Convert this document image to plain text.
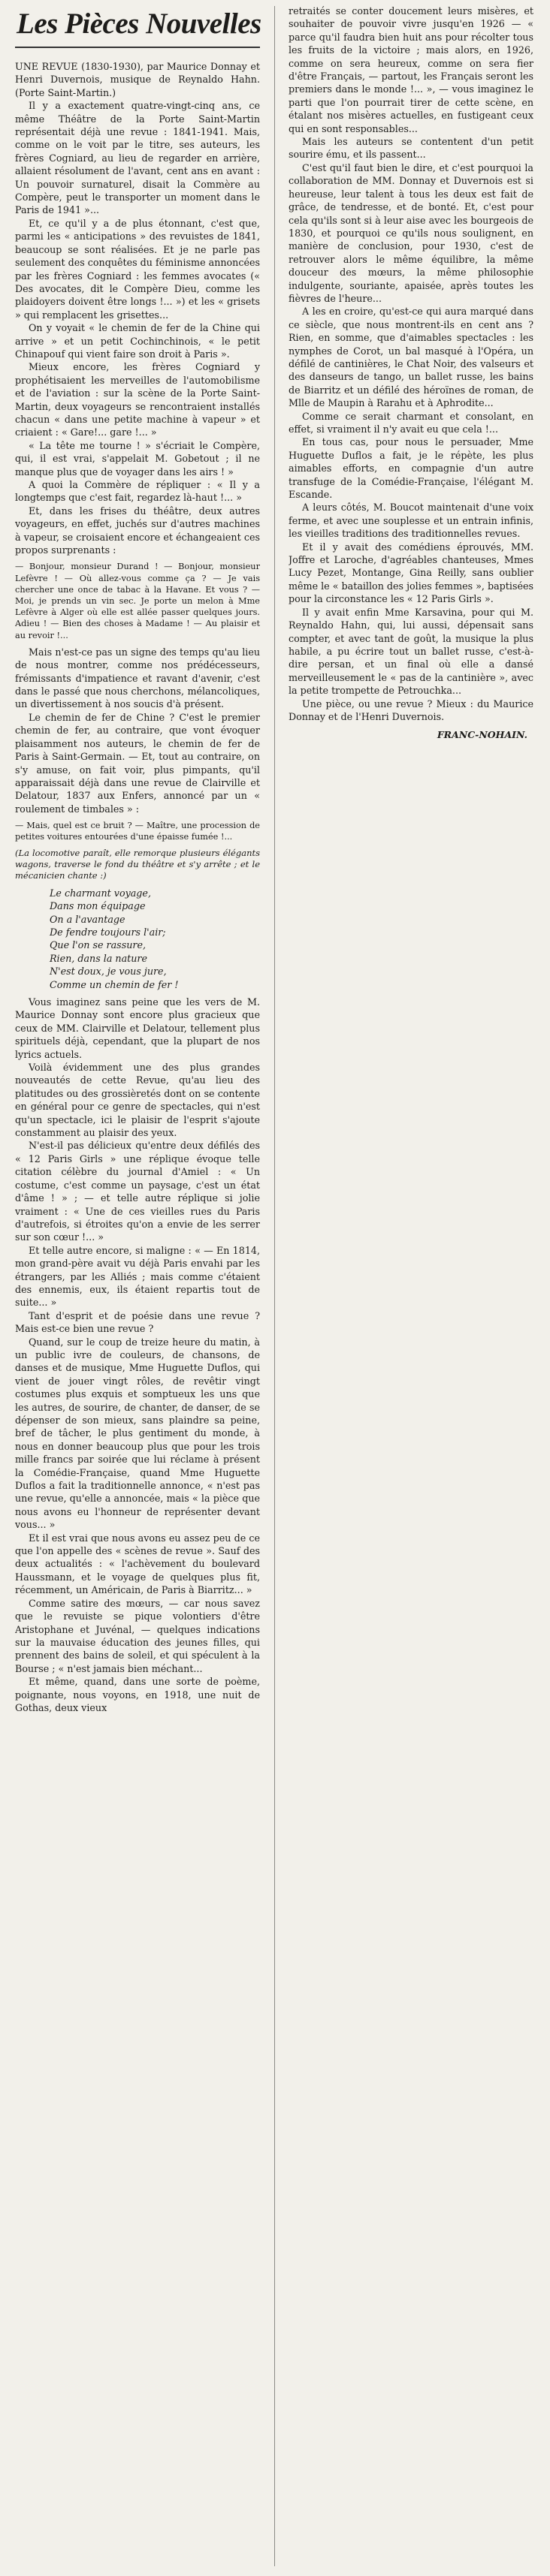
Les Pièces Nouvelles

UNE REVUE (1830-1930), par Maurice Donnay et Henri Duvernois, musique de Reynaldo Hahn. (Porte Saint-Martin.)

Il y a exactement quatre-vingt-cinq ans, ce même Théâtre de la Porte Saint-Martin représentait déjà une revue : 1841-1941. Mais, comme on le voit par le titre, ses auteurs, les frères Cogniard, au lieu de regarder en arrière, allaient résolument de l'avant, cent ans en avant : Un pouvoir surnaturel, disait la Commère au Compère, peut le transporter un moment dans le Paris de 1941 »...

Et, ce qu'il y a de plus étonnant, c'est que, parmi les « anticipations » des revuistes de 1841, beaucoup se sont réalisées. Et je ne parle pas seulement des conquêtes du féminisme annoncées par les frères Cogniard : les femmes avocates (« Des avocates, dit le Compère Dieu, comme les plaidoyers doivent être longs !... ») et les « grisets » qui remplacent les grisettes...

On y voyait « le chemin de fer de la Chine qui arrive » et un petit Cochinchinois, « le petit Chinapouf qui vient faire son droit à Paris ».

Mieux encore, les frères Cogniard y prophétisaient les merveilles de l'automobilisme et de l'aviation : sur la scène de la Porte Saint-Martin, deux voyageurs se rencontraient installés chacun « dans une petite machine à vapeur » et criaient : « Gare!... gare !... »

« La tête me tourne ! » s'écriait le Compère, qui, il est vrai, s'appelait M. Gobetout ; il ne manque plus que de voyager dans les airs ! »

A quoi la Commère de répliquer : « Il y a longtemps que c'est fait, regardez là-haut !... »

Et, dans les frises du théâtre, deux autres voyageurs, en effet, juchés sur d'autres machines à vapeur, se croisaient encore et échangeaient ces propos surprenants :

— Bonjour, monsieur Durand ! — Bonjour, monsieur Lefèvre ! — Où allez-vous comme ça ? — Je vais chercher une once de tabac à la Havane. Et vous ? — Moi, je prends un vin sec. Je porte un melon à Mme Lefèvre à Alger où elle est allée passer quelques jours. Adieu ! — Bien des choses à Madame ! — Au plaisir et au revoir !...

Mais n'est-ce pas un signe des temps qu'au lieu de nous montrer, comme nos prédécesseurs, frémissants d'impatience et ravant d'avenir, c'est dans le passé que nous cherchons, mélancoliques, un divertissement à nos soucis d'à présent.

Le chemin de fer de Chine ? C'est le premier chemin de fer, au contraire, que vont évoquer plaisamment nos auteurs, le chemin de fer de Paris à Saint-Germain. — Et, tout au contraire, on s'y amuse, on fait voir, plus pimpants, qu'il apparaissait déjà dans une revue de Clairville et Delatour, 1837 aux Enfers, annoncé par un « roulement de timbales » :

— Mais, quel est ce bruit ? — Maître, une procession de petites voitures entourées d'une épaisse fumée !...

(La locomotive paraît, elle remorque plusieurs élégants wagons, traverse le fond du théâtre et s'y arrête ; et le mécanicien chante :)

Le charmant voyage,

Dans mon équipage

On a l'avantage

De fendre toujours l'air;

Que l'on se rassure,

Rien, dans la nature

N'est doux, je vous jure,

Comme un chemin de fer !

Vous imaginez sans peine que les vers de M. Maurice Donnay sont encore plus gracieux que ceux de MM. Clairville et Delatour, tellement plus spirituels déjà, cependant, que la plupart de nos lyrics actuels.

Voilà évidemment une des plus grandes nouveautés de cette Revue, qu'au lieu des platitudes ou des grossièretés dont on se contente en général pour ce genre de spectacles, qui n'est qu'un spectacle, ici le plaisir de l'esprit s'ajoute constamment au plaisir des yeux.

N'est-il pas délicieux qu'entre deux défilés des « 12 Paris Girls » une réplique évoque telle citation célèbre du journal d'Amiel : « Un costume, c'est comme un paysage, c'est un état d'âme ! » ; — et telle autre réplique si jolie vraiment : « Une de ces vieilles rues du Paris d'autrefois, si étroites qu'on a envie de les serrer sur son cœur !... »

Et telle autre encore, si maligne : « — En 1814, mon grand-père avait vu déjà Paris envahi par les étrangers, par les Alliés ; mais comme c'étaient des ennemis, eux, ils étaient repartis tout de suite... »

Tant d'esprit et de poésie dans une revue ? Mais est-ce bien une revue ?

Quand, sur le coup de treize heure du matin, à un public ivre de couleurs, de chansons, de danses et de musique, Mme Huguette Duflos, qui vient de jouer vingt rôles, de revêtir vingt costumes plus exquis et somptueux les uns que les autres, de sourire, de chanter, de danser, de se dépenser de son mieux, sans plaindre sa peine, bref de tâcher, le plus gentiment du monde, à nous en donner beaucoup plus que pour les trois mille francs par soirée que lui réclame à présent la Comédie-Française, quand Mme Huguette Duflos a fait la traditionnelle annonce, « n'est pas une revue, qu'elle a annoncée, mais « la pièce que nous avons eu l'honneur de représenter devant vous... »

Et il est vrai que nous avons eu assez peu de ce que l'on appelle des « scènes de revue ». Sauf des deux actualités : « l'achèvement du boulevard Haussmann, et le voyage de quelques plus fit, récemment, un Américain, de Paris à Biarritz... »

Comme satire des mœurs, — car nous savez que le revuiste se pique volontiers d'être Aristophane et Juvénal, — quelques indications sur la mauvaise éducation des jeunes filles, qui prennent des bains de soleil, et qui spéculent à la Bourse ; « n'est jamais bien méchant...

Et même, quand, dans une sorte de poème, poignante, nous voyons, en 1918, une nuit de Gothas, deux vieux

retraités se conter doucement leurs misères, et souhaiter de pouvoir vivre jusqu'en 1926 — « parce qu'il faudra bien huit ans pour récolter tous les fruits de la victoire ; mais alors, en 1926, comme on sera heureux, comme on sera fier d'être Français, — partout, les Français seront les premiers dans le monde !... », — vous imaginez le parti que l'on pourrait tirer de cette scène, en étalant nos misères actuelles, en fustigeant ceux qui en sont responsables...

Mais les auteurs se contentent d'un petit sourire ému, et ils passent...

C'est qu'il faut bien le dire, et c'est pourquoi la collaboration de MM. Donnay et Duvernois est si heureuse, leur talent à tous les deux est fait de grâce, de tendresse, et de bonté. Et, c'est pour cela qu'ils sont si à leur aise avec les bourgeois de 1830, et pourquoi ce qu'ils nous soulignent, en manière de conclusion, pour 1930, c'est de retrouver alors le même équilibre, la même douceur des mœurs, la même philosophie indulgente, souriante, apaisée, après toutes les fièvres de l'heure...

A les en croire, qu'est-ce qui aura marqué dans ce siècle, que nous montrent-ils en cent ans ? Rien, en somme, que d'aimables spectacles : les nymphes de Corot, un bal masqué à l'Opéra, un défilé de cantinières, le Chat Noir, des valseurs et des danseurs de tango, un ballet russe, les bains de Biarritz et un défilé des héroïnes de roman, de Mlle de Maupin à Rarahu et à Aphrodite...

Comme ce serait charmant et consolant, en effet, si vraiment il n'y avait eu que cela !...

En tous cas, pour nous le persuader, Mme Huguette Duflos a fait, je le répète, les plus aimables efforts, en compagnie d'un autre transfuge de la Comédie-Française, l'élégant M. Escande.

A leurs côtés, M. Boucot maintenait d'une voix ferme, et avec une souplesse et un entrain infinis, les vieilles traditions des traditionnelles revues.

Et il y avait des comédiens éprouvés, MM. Joffre et Laroche, d'agréables chanteuses, Mmes Lucy Pezet, Montange, Gina Reilly, sans oublier même le « bataillon des jolies femmes », baptisées pour la circonstance les « 12 Paris Girls ».

Il y avait enfin Mme Karsavina, pour qui M. Reynaldo Hahn, qui, lui aussi, dépensait sans compter, et avec tant de goût, la musique la plus habile, a pu écrire tout un ballet russe, c'est-à-dire persan, et un final où elle a dansé merveilleusement le « pas de la cantinière », avec la petite trompette de Petrouchka...

Une pièce, ou une revue ? Mieux : du Maurice Donnay et de l'Henri Duvernois.

FRANC-NOHAIN.
